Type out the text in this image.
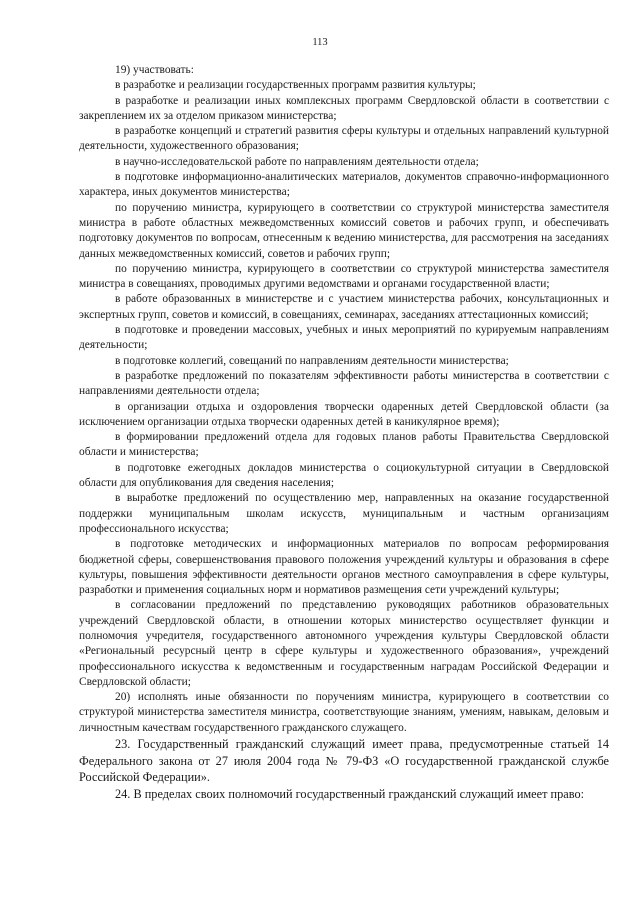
113

19) участвовать:

в разработке и реализации государственных программ развития культуры;

в разработке и реализации иных комплексных программ Свердловской области в соответствии с закреплением их за отделом приказом министерства;

в разработке концепций и стратегий развития сферы культуры и отдельных направлений культурной деятельности, художественного образования;

в научно-исследовательской работе по направлениям деятельности отдела;

в подготовке информационно-аналитических материалов, документов справочно-информационного характера, иных документов министерства;

по поручению министра, курирующего в соответствии со структурой министерства заместителя министра в работе областных межведомственных комиссий советов и рабочих групп, и обеспечивать подготовку документов по вопросам, отнесенным к ведению министерства, для рассмотрения на заседаниях данных межведомственных комиссий, советов и рабочих групп;

по поручению министра, курирующего в соответствии со структурой министерства заместителя министра в совещаниях, проводимых другими ведомствами и органами государственной власти;

в работе образованных в министерстве и с участием министерства рабочих, консультационных и экспертных групп, советов и комиссий, в совещаниях, семинарах, заседаниях аттестационных комиссий;

в подготовке и проведении массовых, учебных и иных мероприятий по курируемым направлениям деятельности;

в подготовке коллегий, совещаний по направлениям деятельности министерства;

в разработке предложений по показателям эффективности работы министерства в соответствии с направлениями деятельности отдела;

в организации отдыха и оздоровления творчески одаренных детей Свердловской области (за исключением организации отдыха творчески одаренных детей в каникулярное время);

в формировании предложений отдела для годовых планов работы Правительства Свердловской области и министерства;

в подготовке ежегодных докладов министерства о социокультурной ситуации в Свердловской области для опубликования для сведения населения;

в выработке предложений по осуществлению мер, направленных на оказание государственной поддержки муниципальным школам искусств, муниципальным и частным организациям профессионального искусства;

в подготовке методических и информационных материалов по вопросам реформирования бюджетной сферы, совершенствования правового положения учреждений культуры и образования в сфере культуры, повышения эффективности деятельности органов местного самоуправления в сфере культуры, разработки и применения социальных норм и нормативов размещения сети учреждений культуры;

в согласовании предложений по представлению руководящих работников образовательных учреждений Свердловской области, в отношении которых министерство осуществляет функции и полномочия учредителя, государственного автономного учреждения культуры Свердловской области «Региональный ресурсный центр в сфере культуры и художественного образования», учреждений профессионального искусства к ведомственным и государственным наградам Российской Федерации и Свердловской области;

20) исполнять иные обязанности по поручениям министра, курирующего в соответствии со структурой министерства заместителя министра, соответствующие знаниям, умениям, навыкам, деловым и личностным качествам государственного гражданского служащего.

23. Государственный гражданский служащий имеет права, предусмотренные статьей 14 Федерального закона от 27 июля 2004 года № 79-ФЗ «О государственной гражданской службе Российской Федерации».

24. В пределах своих полномочий государственный гражданский служащий имеет право:
